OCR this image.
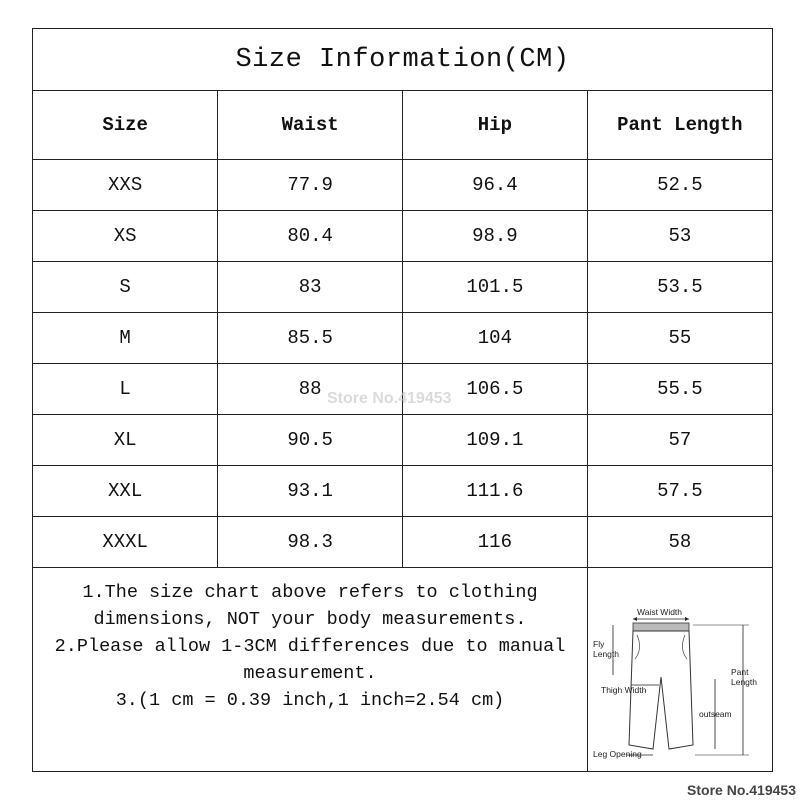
Size Information(CM)
Size	Waist	Hip	Pant Length
XXS	77.9	96.4	52.5
XS	80.4	98.9	53
S	83	101.5	53.5
M	85.5	104	55
L	88	106.5	55.5
XL	90.5	109.1	57
XXL	93.1	111.6	57.5
XXXL	98.3	116	58
1.The size chart above refers to clothing
dimensions, NOT your body measurements.
2.Please allow 1-3CM differences due to manual
measurement.
3.(1 cm = 0.39 inch,1 inch=2.54 cm)
Waist Width
Fly
Length
Pant
Length
Thigh Width
outseam
Leg Opening
Store No.419453
Store No.419453
